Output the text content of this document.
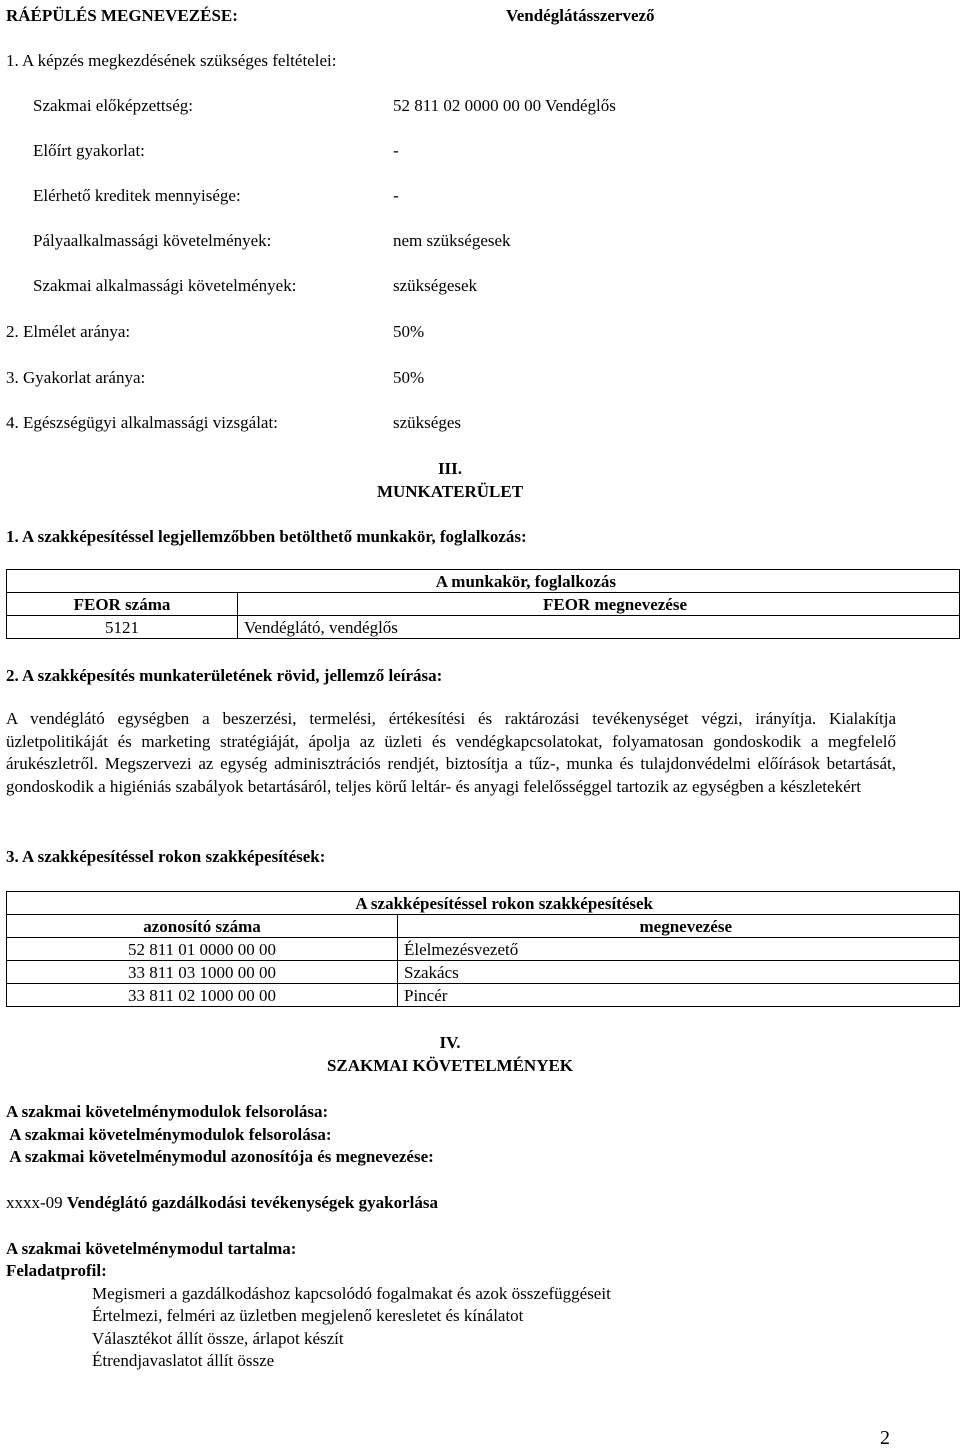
RÁÉPÜLÉS MEGNEVEZÉSE:	Vendéglátásszervező
1. A képzés megkezdésének szükséges feltételei:
Szakmai előképzettség:	52 811 02 0000 00 00 Vendéglős
Előírt gyakorlat:	-
Elérhető kreditek mennyisége:	-
Pályaalkalmassági követelmények:	nem szükségesek
Szakmai alkalmassági követelmények:	szükségesek
2. Elmélet aránya:	50%
3. Gyakorlat aránya:	50%
4. Egészségügyi alkalmassági vizsgálat:	szükséges
III.
MUNKATERÜLET
1. A szakképesítéssel legjellemzőbben betölthető munkakör, foglalkozás:
A munkakör, foglalkozás	
FEOR száma	FEOR megnevezése
5121	Vendéglátó, vendéglős
2. A szakképesítés munkaterületének rövid, jellemző leírása:
A vendéglátó egységben a beszerzési, termelési, értékesítési és raktározási tevékenységet végzi, irányítja. Kialakítja üzletpolitikáját és marketing stratégiáját, ápolja az üzleti és vendégkapcsolatokat, folyamatosan gondoskodik a megfelelő árukészletről. Megszervezi az egység adminisztrációs rendjét, biztosítja a tűz-, munka és tulajdonvédelmi előírások betartását, gondoskodik a higiéniás szabályok betartásáról, teljes körű leltár- és anyagi felelősséggel tartozik az egységben a készletekért
3. A szakképesítéssel rokon szakképesítések:
A szakképesítéssel rokon szakképesítések	
azonosító száma	megnevezése
52 811 01 0000 00 00	Élelmezésvezető
33 811 03 1000 00 00	Szakács
33 811 02 1000 00 00	Pincér
IV.
SZAKMAI KÖVETELMÉNYEK
A szakmai követelménymodulok felsorolása:
A szakmai követelménymodulok felsorolása:
A szakmai követelménymodul azonosítója és megnevezése:
xxxx-09 Vendéglátó gazdálkodási tevékenységek gyakorlása
A szakmai követelménymodul tartalma:
Feladatprofil:
Megismeri a gazdálkodáshoz kapcsolódó fogalmakat és azok összefüggéseit
Értelmezi, felméri az üzletben megjelenő keresletet és kínálatot
Választékot állít össze, árlapot készít
Étrendjavaslatot állít össze
2
